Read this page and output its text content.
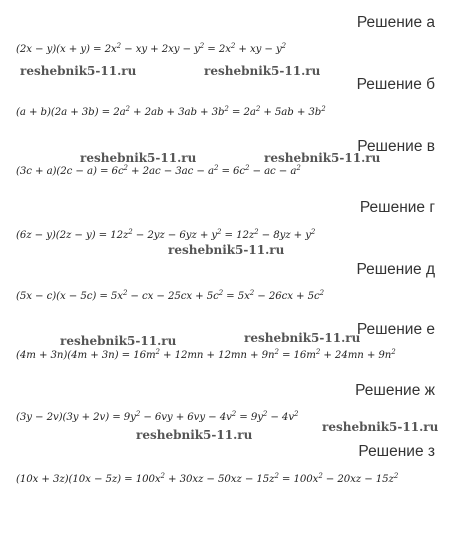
Решение а
$(2x - y)(x + y) = 2x^2$ − xy + $2xy - y^2 = 2x^2$ + xy − $y^2$
reshebnik5-11.ru	reshebnik5-11.ru
Решение б
$(a + b)(2a + 3b) = 2a^2 + 2ab + 3ab + 3b^2 = 2a^2 + 5ab + 3b^2$
Решение в
reshebnik5-11.ru	reshebnik5-11.ru
$(3c + a)(2c - a) = 6c^2 + 2ac - 3ac - a^2 = 6c^2$ − ac − $a^2$
Решение г
$(6z - y)(2z - y) = 12z^2 - 2yz - 6yz + y^2 = 12z^2 - 8yz + y^2$
reshebnik5-11.ru
Решение д
$(5x - c)(x - 5c) = 5x^2$ − cx − $25cx + 5c^2 = 5x^2 - 26cx + 5c^2$
reshebnik5-11.ru	reshebnik5-11.ru
Решение е
$(4m + 3n)(4m + 3n) = 16m^2 + 12mn + 12mn + 9n^2 = 16m^2 + 24mn + 9n^2$
Решение ж
$(3y - 2v)(3y + 2v) = 9y^2 - 6vy + 6vy - 4v^2 = 9y^2 - 4v^2$
reshebnik5-11.ru
reshebnik5-11.ru
Решение з
$(10x + 3z)(10x - 5z) = 100x^2 + 30xz - 50xz - 15z^2 = 100x^2 - 20xz - 15z^2$
